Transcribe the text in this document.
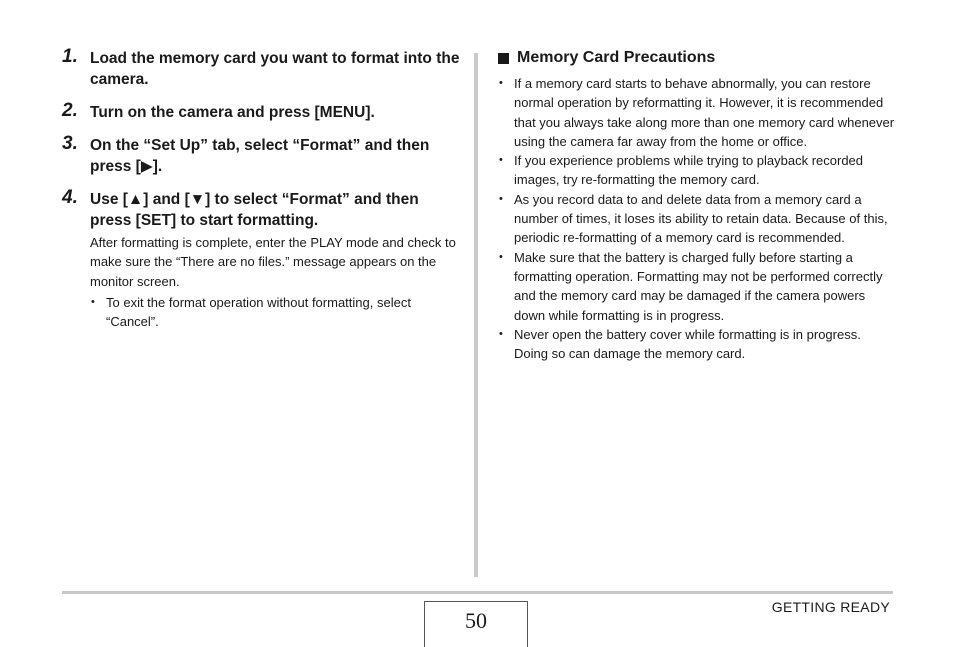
1. Load the memory card you want to format into the camera.
2. Turn on the camera and press [MENU].
3. On the “Set Up” tab, select “Format” and then press [▶].
4. Use [▲] and [▼] to select “Format” and then press [SET] to start formatting.
After formatting is complete, enter the PLAY mode and check to make sure the “There are no files.” message appears on the monitor screen.
• To exit the format operation without formatting, select “Cancel”.
Memory Card Precautions
• If a memory card starts to behave abnormally, you can restore normal operation by reformatting it. However, it is recommended that you always take along more than one memory card whenever using the camera far away from the home or office.
• If you experience problems while trying to playback recorded images, try re-formatting the memory card.
• As you record data to and delete data from a memory card a number of times, it loses its ability to retain data. Because of this, periodic re-formatting of a memory card is recommended.
• Make sure that the battery is charged fully before starting a formatting operation. Formatting may not be performed correctly and the memory card may be damaged if the camera powers down while formatting is in progress.
• Never open the battery cover while formatting is in progress. Doing so can damage the memory card.
50
GETTING READY
